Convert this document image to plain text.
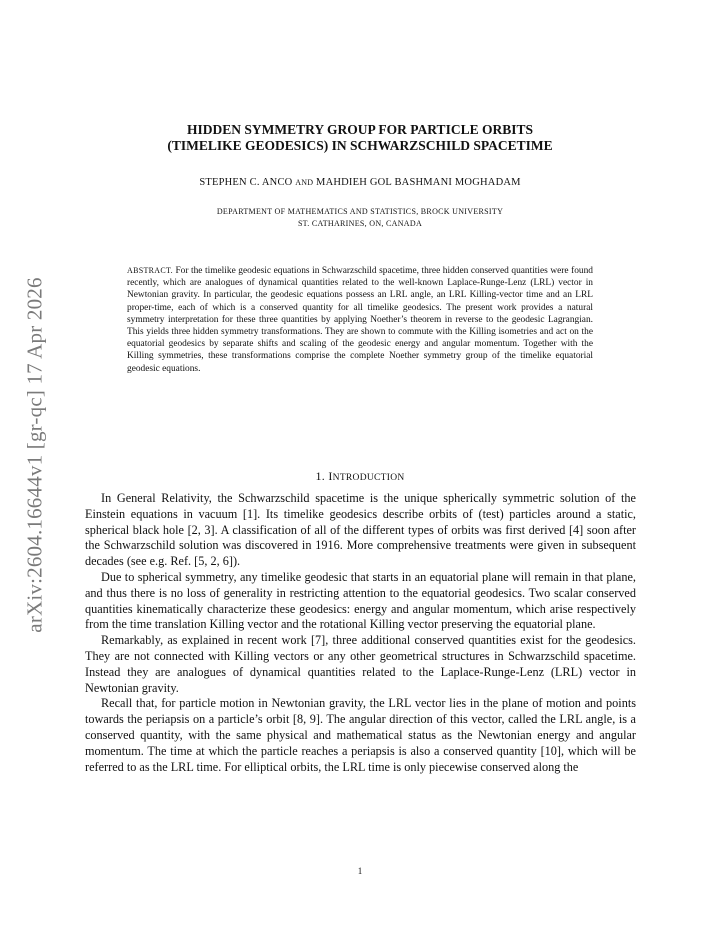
arXiv:2604.16644v1 [gr-qc] 17 Apr 2026
HIDDEN SYMMETRY GROUP FOR PARTICLE ORBITS
(TIMELIKE GEODESICS) IN SCHWARZSCHILD SPACETIME
STEPHEN C. ANCO AND MAHDIEH GOL BASHMANI MOGHADAM
DEPARTMENT OF MATHEMATICS AND STATISTICS, BROCK UNIVERSITY
ST. CATHARINES, ON, CANADA
ABSTRACT. For the timelike geodesic equations in Schwarzschild spacetime, three hidden conserved quantities were found recently, which are analogues of dynamical quantities related to the well-known Laplace-Runge-Lenz (LRL) vector in Newtonian gravity. In particular, the geodesic equations possess an LRL angle, an LRL Killing-vector time and an LRL proper-time, each of which is a conserved quantity for all timelike geodesics. The present work provides a natural symmetry interpretation for these three quantities by applying Noether’s theorem in reverse to the geodesic Lagrangian. This yields three hidden symmetry transformations. They are shown to commute with the Killing isometries and act on the equatorial geodesics by separate shifts and scaling of the geodesic energy and angular momentum. Together with the Killing symmetries, these transformations comprise the complete Noether symmetry group of the timelike equatorial geodesic equations.
1. INTRODUCTION

In General Relativity, the Schwarzschild spacetime is the unique spherically symmetric solution of the Einstein equations in vacuum [1]. Its timelike geodesics describe orbits of (test) particles around a static, spherical black hole [2, 3]. A classification of all of the different types of orbits was first derived [4] soon after the Schwarzschild solution was discovered in 1916. More comprehensive treatments were given in subsequent decades (see e.g. Ref. [5, 2, 6]).

Due to spherical symmetry, any timelike geodesic that starts in an equatorial plane will remain in that plane, and thus there is no loss of generality in restricting attention to the equatorial geodesics. Two scalar conserved quantities kinematically characterize these geodesics: energy and angular momentum, which arise respectively from the time translation Killing vector and the rotational Killing vector preserving the equatorial plane.

Remarkably, as explained in recent work [7], three additional conserved quantities exist for the geodesics. They are not connected with Killing vectors or any other geometrical structures in Schwarzschild spacetime. Instead they are analogues of dynamical quantities related to the Laplace-Runge-Lenz (LRL) vector in Newtonian gravity.

Recall that, for particle motion in Newtonian gravity, the LRL vector lies in the plane of motion and points towards the periapsis on a particle’s orbit [8, 9]. The angular direction of this vector, called the LRL angle, is a conserved quantity, with the same physical and mathematical status as the Newtonian energy and angular momentum. The time at which the particle reaches a periapsis is also a conserved quantity [10], which will be referred to as the LRL time. For elliptical orbits, the LRL time is only piecewise conserved along the

1
